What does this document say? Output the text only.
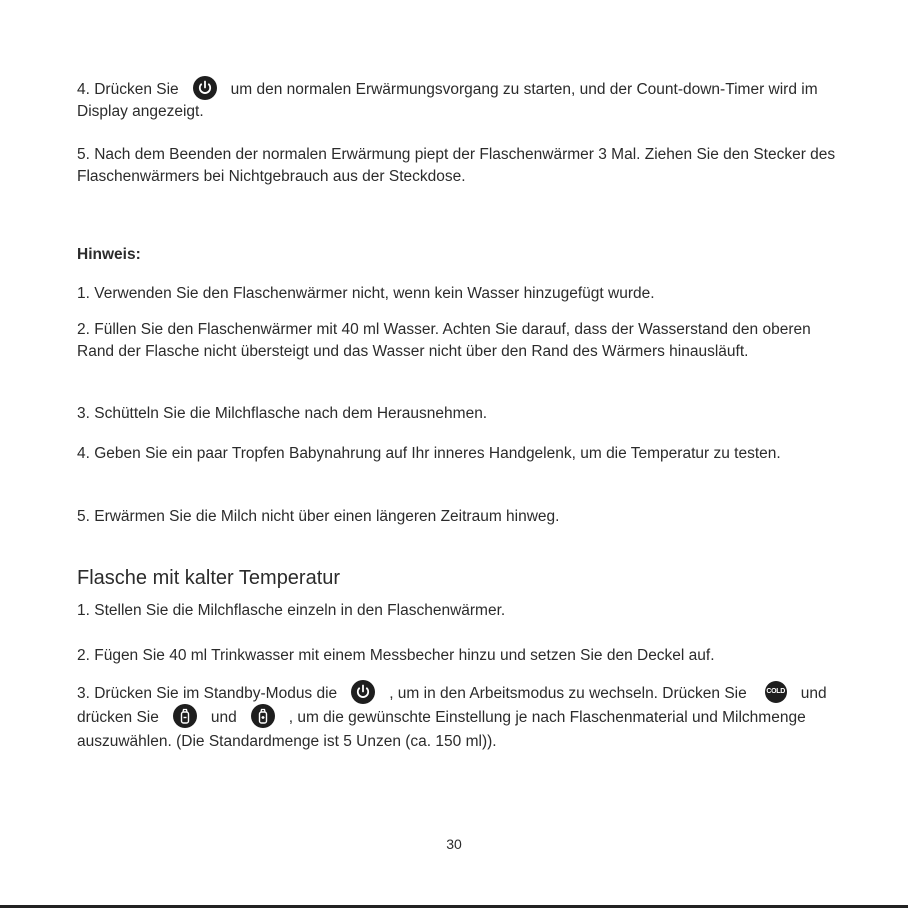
4. Drücken Sie	um den normalen Erwärmungsvorgang zu starten, und der Count-down-Timer wird im Display angezeigt.

5. Nach dem Beenden der normalen Erwärmung piept der Flaschenwärmer 3 Mal. Ziehen Sie den Stecker des Flaschenwärmers bei Nichtgebrauch aus der Steckdose.

Hinweis:

1. Verwenden Sie den Flaschenwärmer nicht, wenn kein Wasser hinzugefügt wurde.

2. Füllen Sie den Flaschenwärmer mit 40 ml Wasser. Achten Sie darauf, dass der Wasserstand den oberen Rand der Flasche nicht übersteigt und das Wasser nicht über den Rand des Wärmers hinausläuft.

3. Schütteln Sie die Milchflasche nach dem Herausnehmen.

4. Geben Sie ein paar Tropfen Babynahrung auf Ihr inneres Handgelenk, um die Temperatur zu testen.

5. Erwärmen Sie die Milch nicht über einen längeren Zeitraum hinweg.

Flasche mit kalter Temperatur

1. Stellen Sie die Milchflasche einzeln in den Flaschenwärmer.

2. Fügen Sie 40 ml Trinkwasser mit einem Messbecher hinzu und setzen Sie den Deckel auf.

3. Drücken Sie im Standby-Modus die	, um in den Arbeitsmodus zu wechseln. Drücken Sie	COLD und drücken Sie	und	, um die gewünschte Einstellung je nach Flaschenmaterial und Milchmenge auszuwählen. (Die Standardmenge ist 5 Unzen (ca. 150 ml)).

30
